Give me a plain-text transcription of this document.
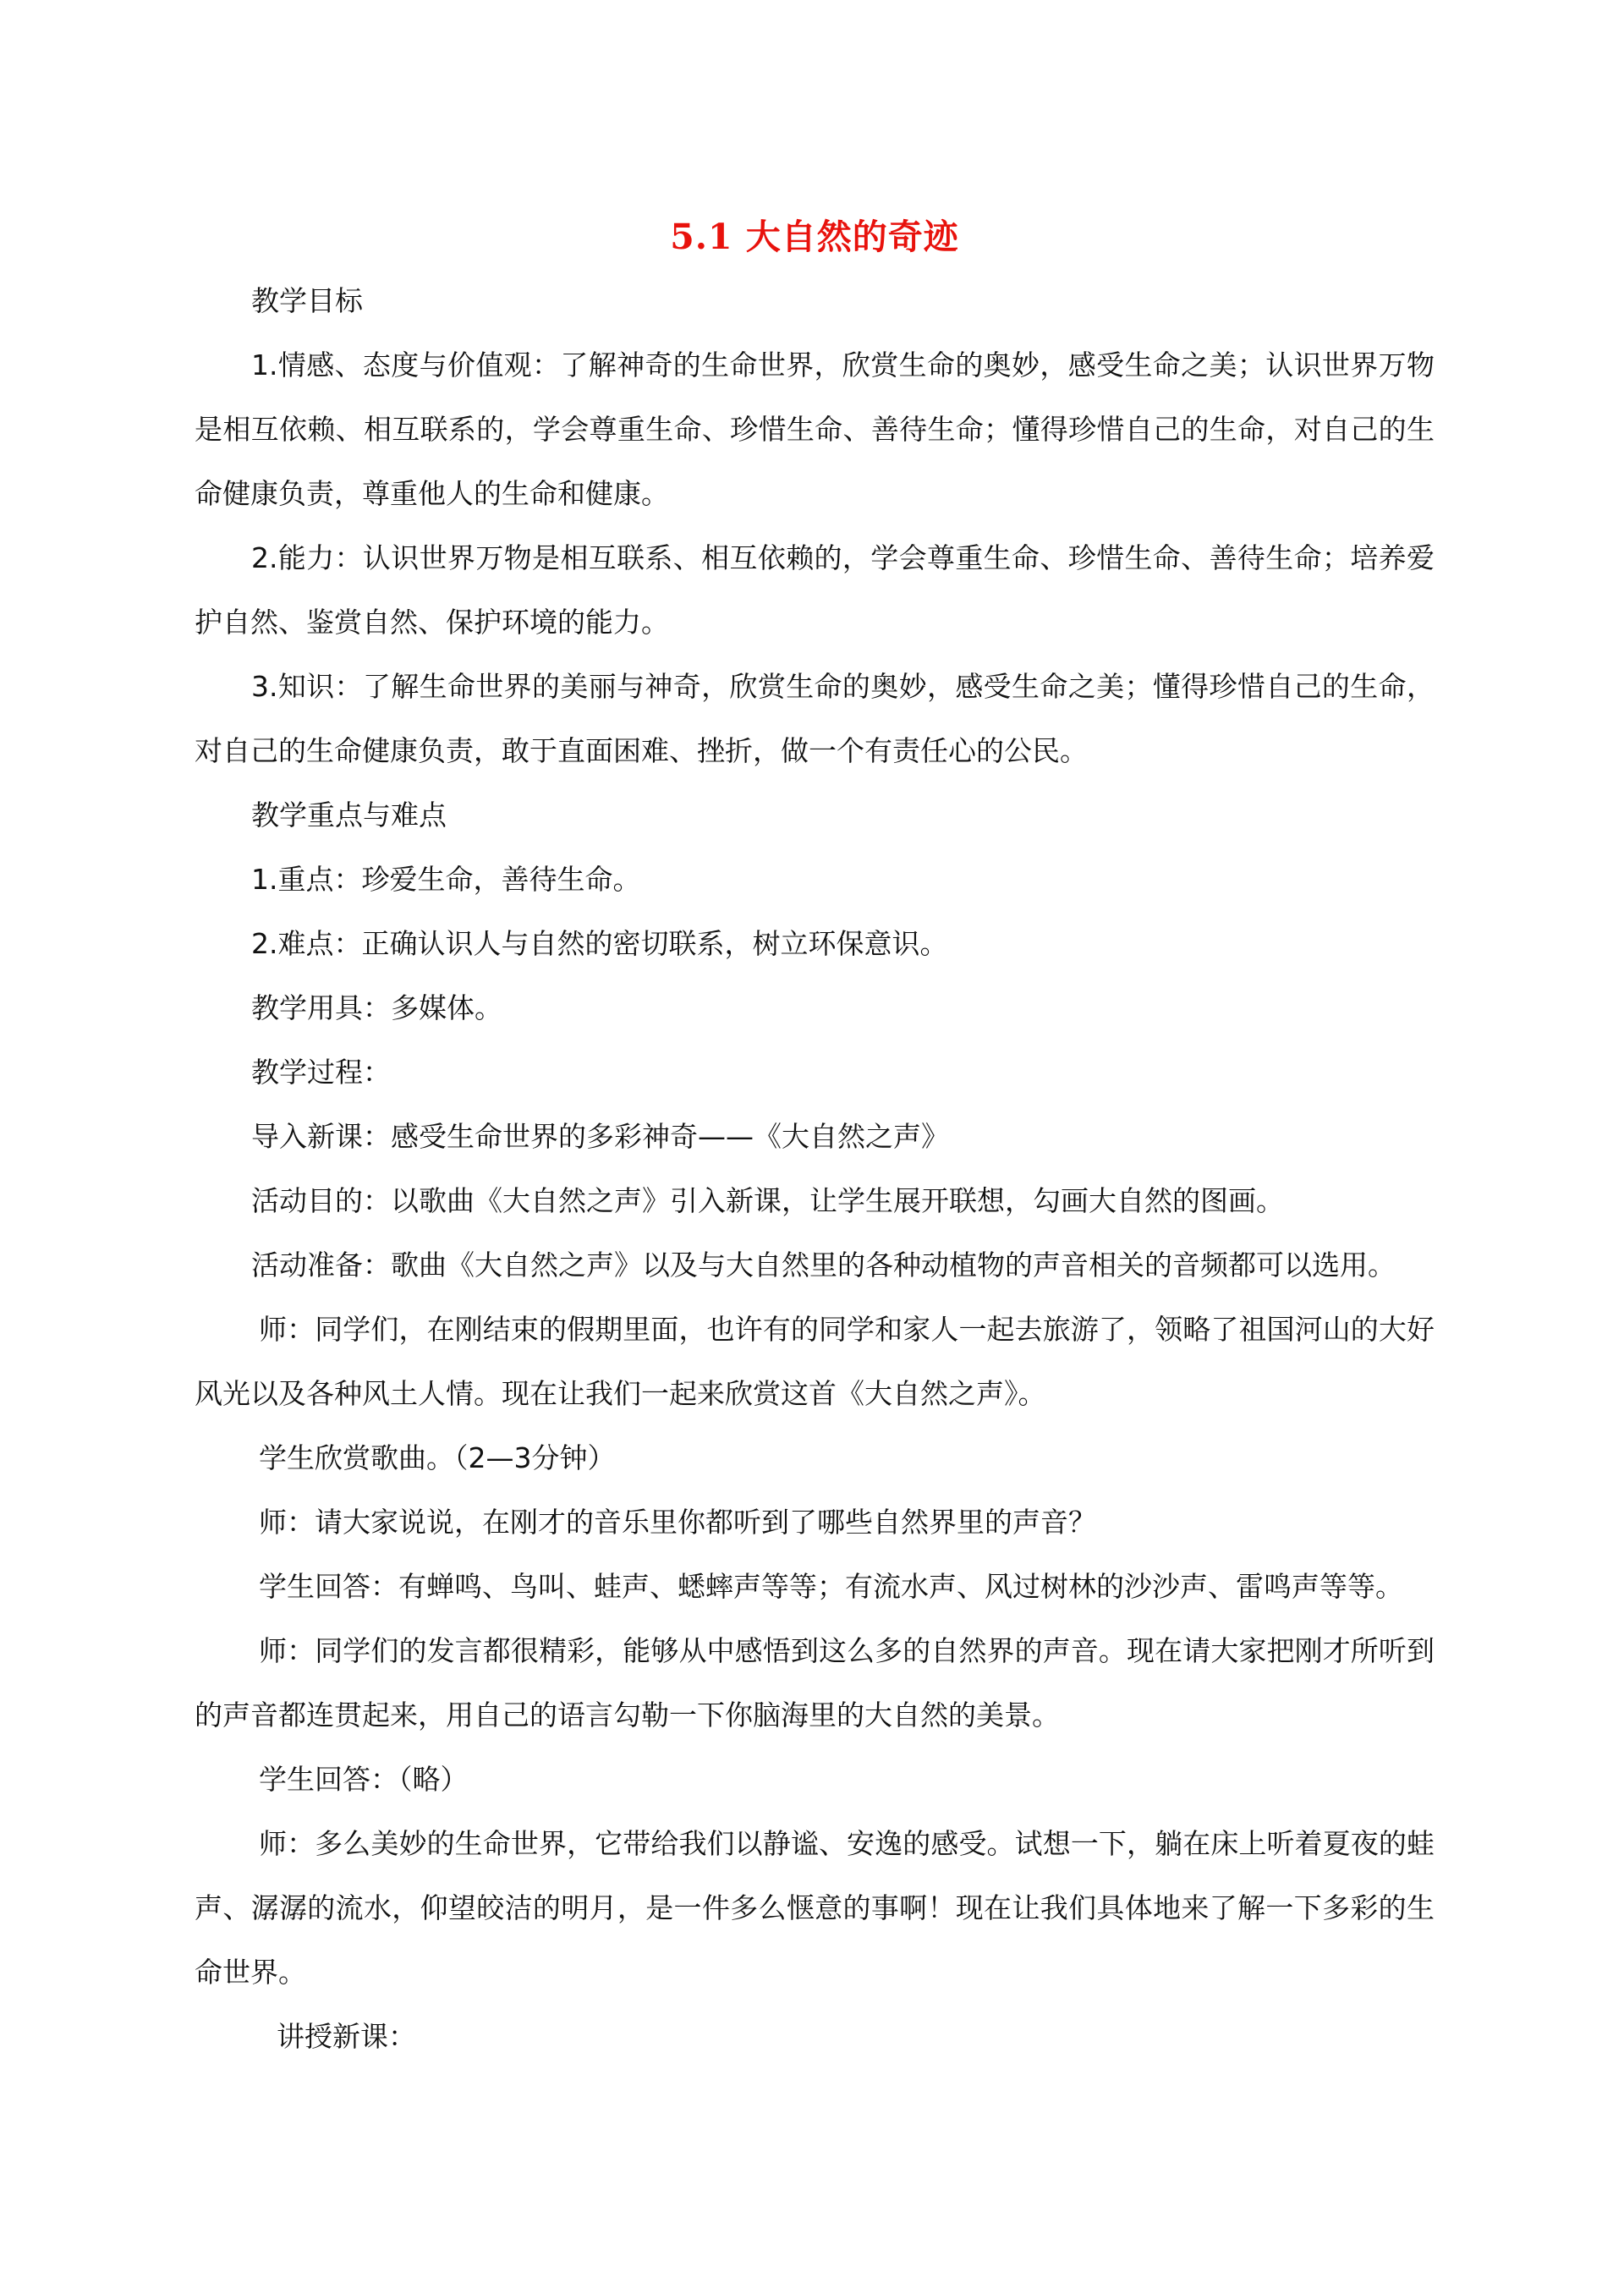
5.1 大自然的奇迹

教学目标

1.情感、态度与价值观：了解神奇的生命世界，欣赏生命的奥妙，感受生命之美；认识世界万物是相互依赖、相互联系的，学会尊重生命、珍惜生命、善待生命；懂得珍惜自己的生命，对自己的生命健康负责，尊重他人的生命和健康。

2.能力：认识世界万物是相互联系、相互依赖的，学会尊重生命、珍惜生命、善待生命；培养爱护自然、鉴赏自然、保护环境的能力。

3.知识：了解生命世界的美丽与神奇，欣赏生命的奥妙，感受生命之美；懂得珍惜自己的生命，对自己的生命健康负责，敢于直面困难、挫折，做一个有责任心的公民。

教学重点与难点

1.重点：珍爱生命，善待生命。

2.难点：正确认识人与自然的密切联系，树立环保意识。

教学用具：多媒体。

教学过程：

导入新课：感受生命世界的多彩神奇——《大自然之声》

活动目的：以歌曲《大自然之声》引入新课，让学生展开联想，勾画大自然的图画。

活动准备：歌曲《大自然之声》以及与大自然里的各种动植物的声音相关的音频都可以选用。

师：同学们，在刚结束的假期里面，也许有的同学和家人一起去旅游了，领略了祖国河山的大好风光以及各种风土人情。现在让我们一起来欣赏这首《大自然之声》。

学生欣赏歌曲。（2—3分钟）

师：请大家说说，在刚才的音乐里你都听到了哪些自然界里的声音？

学生回答：有蝉鸣、鸟叫、蛙声、蟋蟀声等等；有流水声、风过树林的沙沙声、雷鸣声等等。

师：同学们的发言都很精彩，能够从中感悟到这么多的自然界的声音。现在请大家把刚才所听到的声音都连贯起来，用自己的语言勾勒一下你脑海里的大自然的美景。

学生回答：（略）

师：多么美妙的生命世界，它带给我们以静谧、安逸的感受。试想一下，躺在床上听着夏夜的蛙声、潺潺的流水，仰望皎洁的明月，是一件多么惬意的事啊！现在让我们具体地来了解一下多彩的生命世界。

讲授新课：
